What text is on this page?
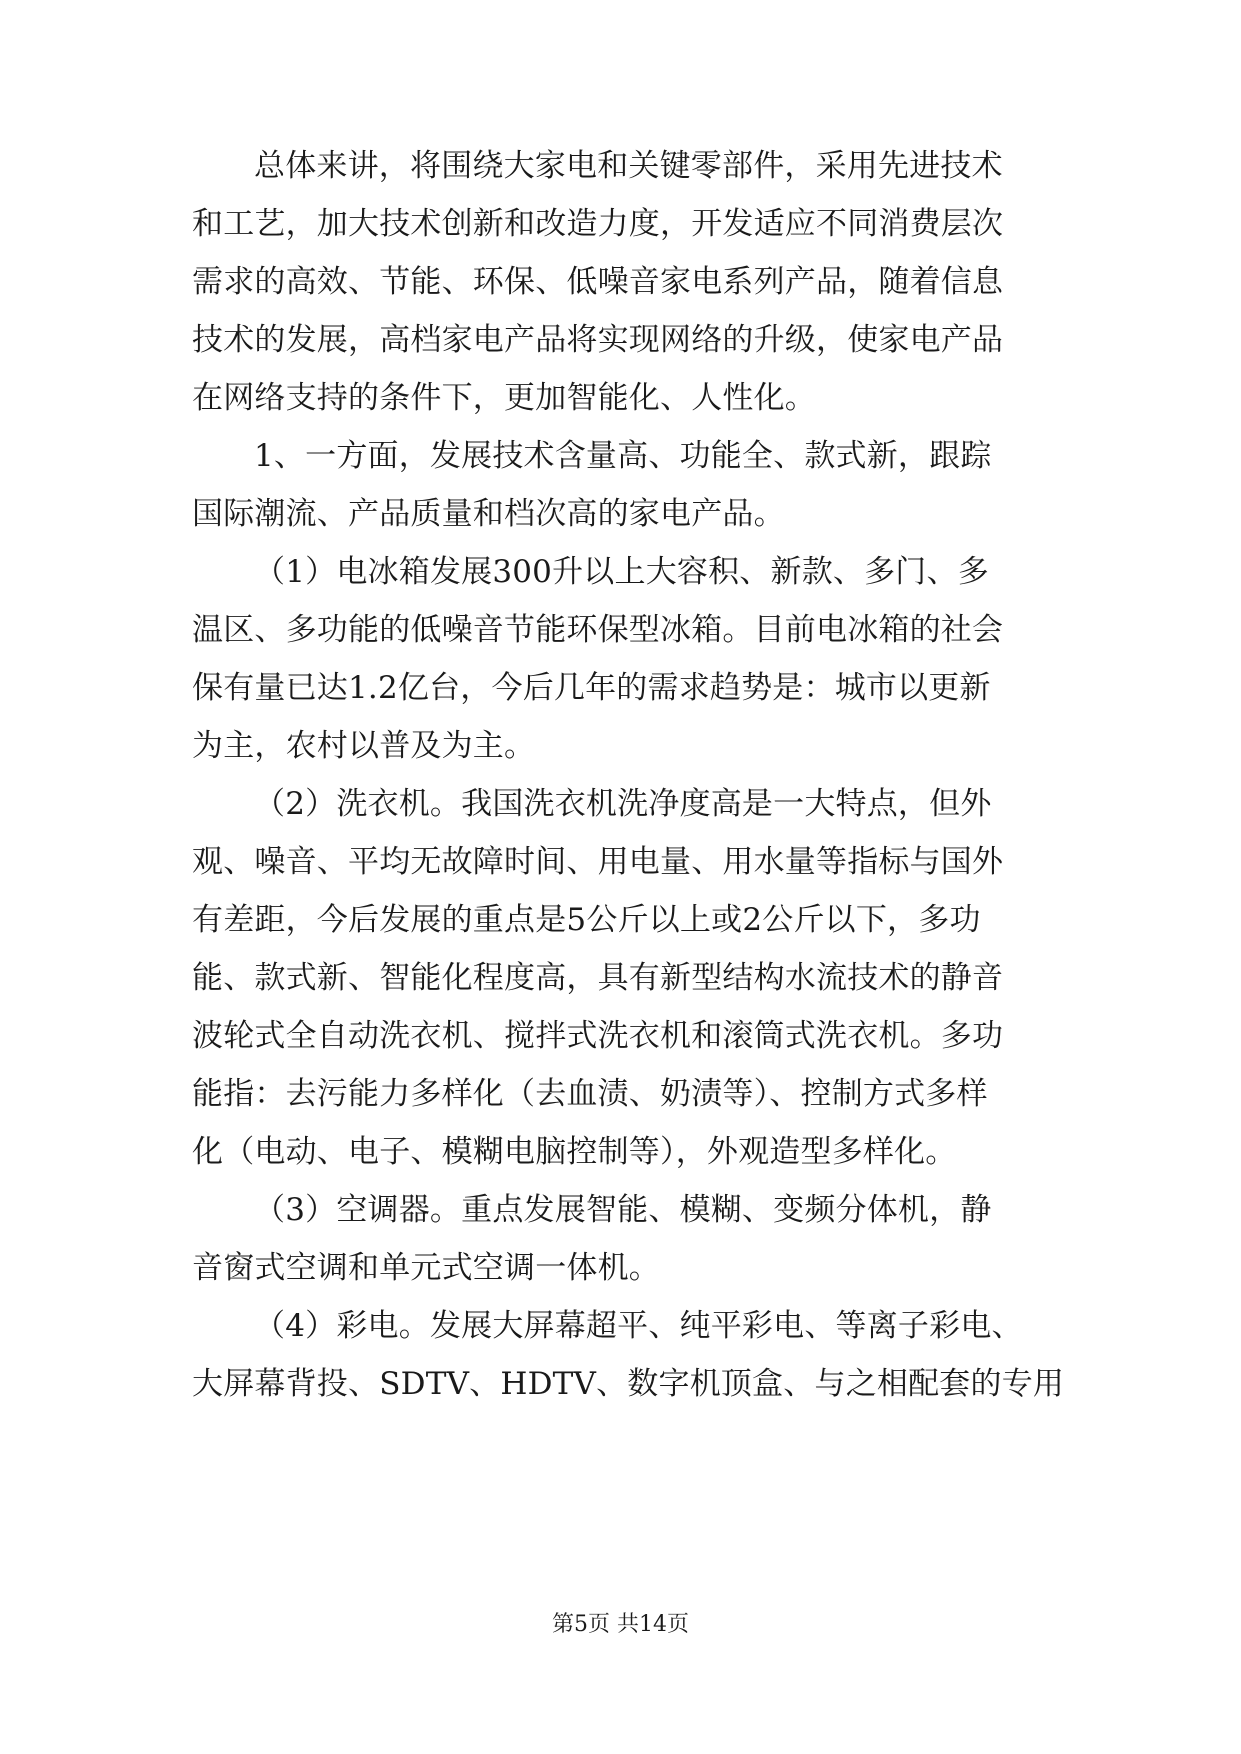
总体来讲，将围绕大家电和关键零部件，采用先进技术
和工艺，加大技术创新和改造力度，开发适应不同消费层次
需求的高效、节能、环保、低噪音家电系列产品，随着信息
技术的发展，高档家电产品将实现网络的升级，使家电产品
在网络支持的条件下，更加智能化、人性化。
1、一方面，发展技术含量高、功能全、款式新，跟踪
国际潮流、产品质量和档次高的家电产品。
（1）电冰箱发展300升以上大容积、新款、多门、多
温区、多功能的低噪音节能环保型冰箱。目前电冰箱的社会
保有量已达1.2亿台，今后几年的需求趋势是：城市以更新
为主，农村以普及为主。
（2）洗衣机。我国洗衣机洗净度高是一大特点，但外
观、噪音、平均无故障时间、用电量、用水量等指标与国外
有差距，今后发展的重点是5公斤以上或2公斤以下，多功
能、款式新、智能化程度高，具有新型结构水流技术的静音
波轮式全自动洗衣机、搅拌式洗衣机和滚筒式洗衣机。多功
能指：去污能力多样化（去血渍、奶渍等）、控制方式多样
化（电动、电子、模糊电脑控制等），外观造型多样化。
（3）空调器。重点发展智能、模糊、变频分体机，静
音窗式空调和单元式空调一体机。
（4）彩电。发展大屏幕超平、纯平彩电、等离子彩电、
大屏幕背投、SDTV、HDTV、数字机顶盒、与之相配套的专用
第5页 共14页
